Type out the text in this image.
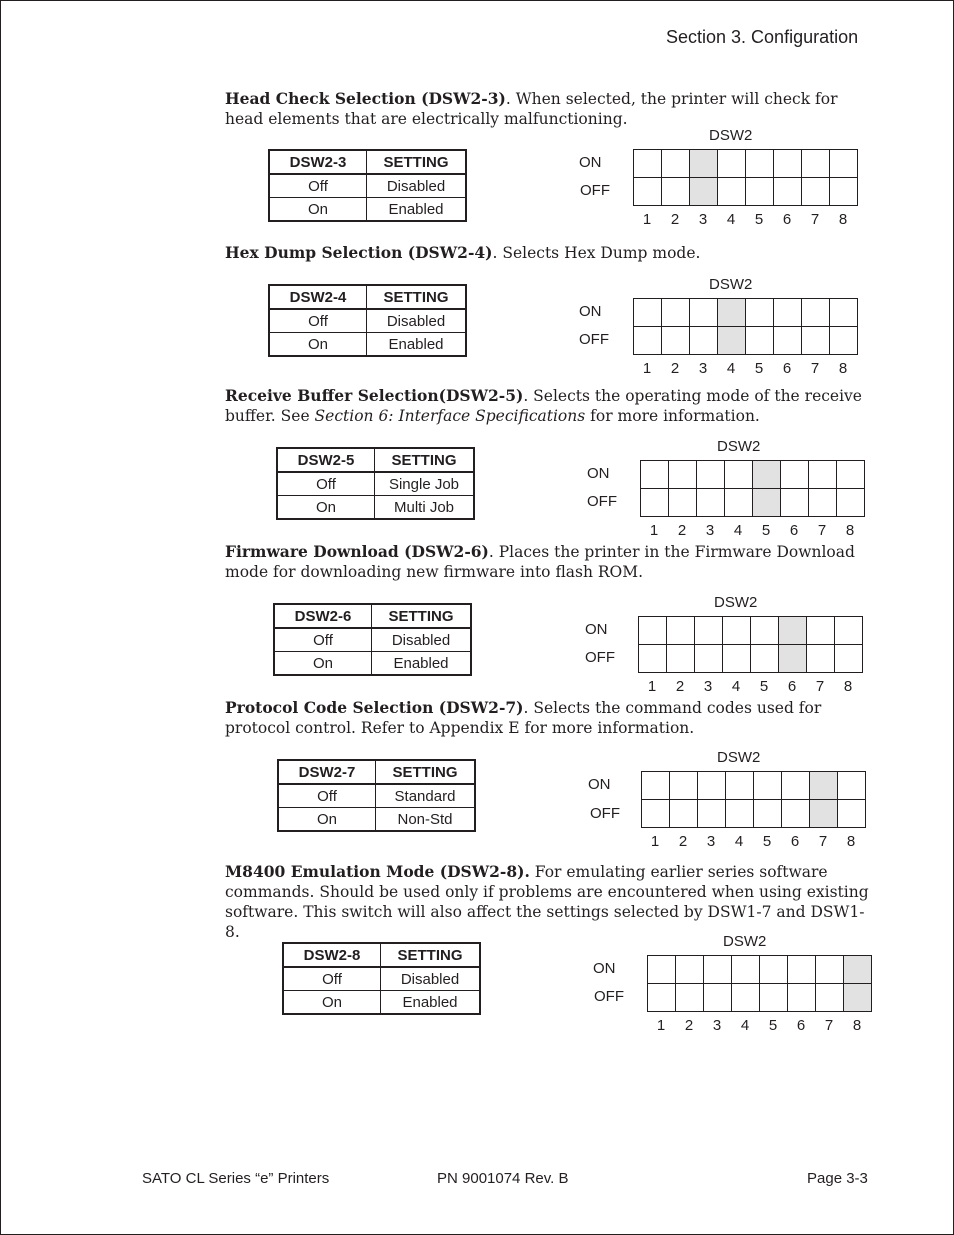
Section 3. Configuration
Head Check Selection (DSW2-3). When selected, the printer will check for head elements that are electrically malfunctioning.
DSW2-3	SETTING
Off	Disabled
On	Enabled
DSW2
ON
OFF
1	2	3	4	5	6	7	8
Hex Dump Selection (DSW2-4). Selects Hex Dump mode.
DSW2-4	SETTING
Off	Disabled
On	Enabled
DSW2
ON
OFF
1	2	3	4	5	6	7	8
Receive Buffer Selection(DSW2-5). Selects the operating mode of the receive buffer. See Section 6: Interface Specifications for more information.
DSW2-5	SETTING
Off	Single Job
On	Multi Job
DSW2
ON
OFF
1	2	3	4	5	6	7	8
Firmware Download (DSW2-6). Places the printer in the Firmware Download mode for downloading new firmware into flash ROM.
DSW2-6	SETTING
Off	Disabled
On	Enabled
DSW2
ON
OFF
1	2	3	4	5	6	7	8
Protocol Code Selection (DSW2-7). Selects the command codes used for protocol control. Refer to Appendix E for more information.
DSW2-7	SETTING
Off	Standard
On	Non-Std
DSW2
ON
OFF
1	2	3	4	5	6	7	8
M8400 Emulation Mode (DSW2-8). For emulating earlier series software commands. Should be used only if problems are encountered when using existing software. This switch will also affect the settings selected by DSW1-7 and DSW1-8.
DSW2-8	SETTING
Off	Disabled
On	Enabled
DSW2
ON
OFF
1	2	3	4	5	6	7	8
SATO CL Series “e” Printers	PN 9001074 Rev. B	Page 3-3
